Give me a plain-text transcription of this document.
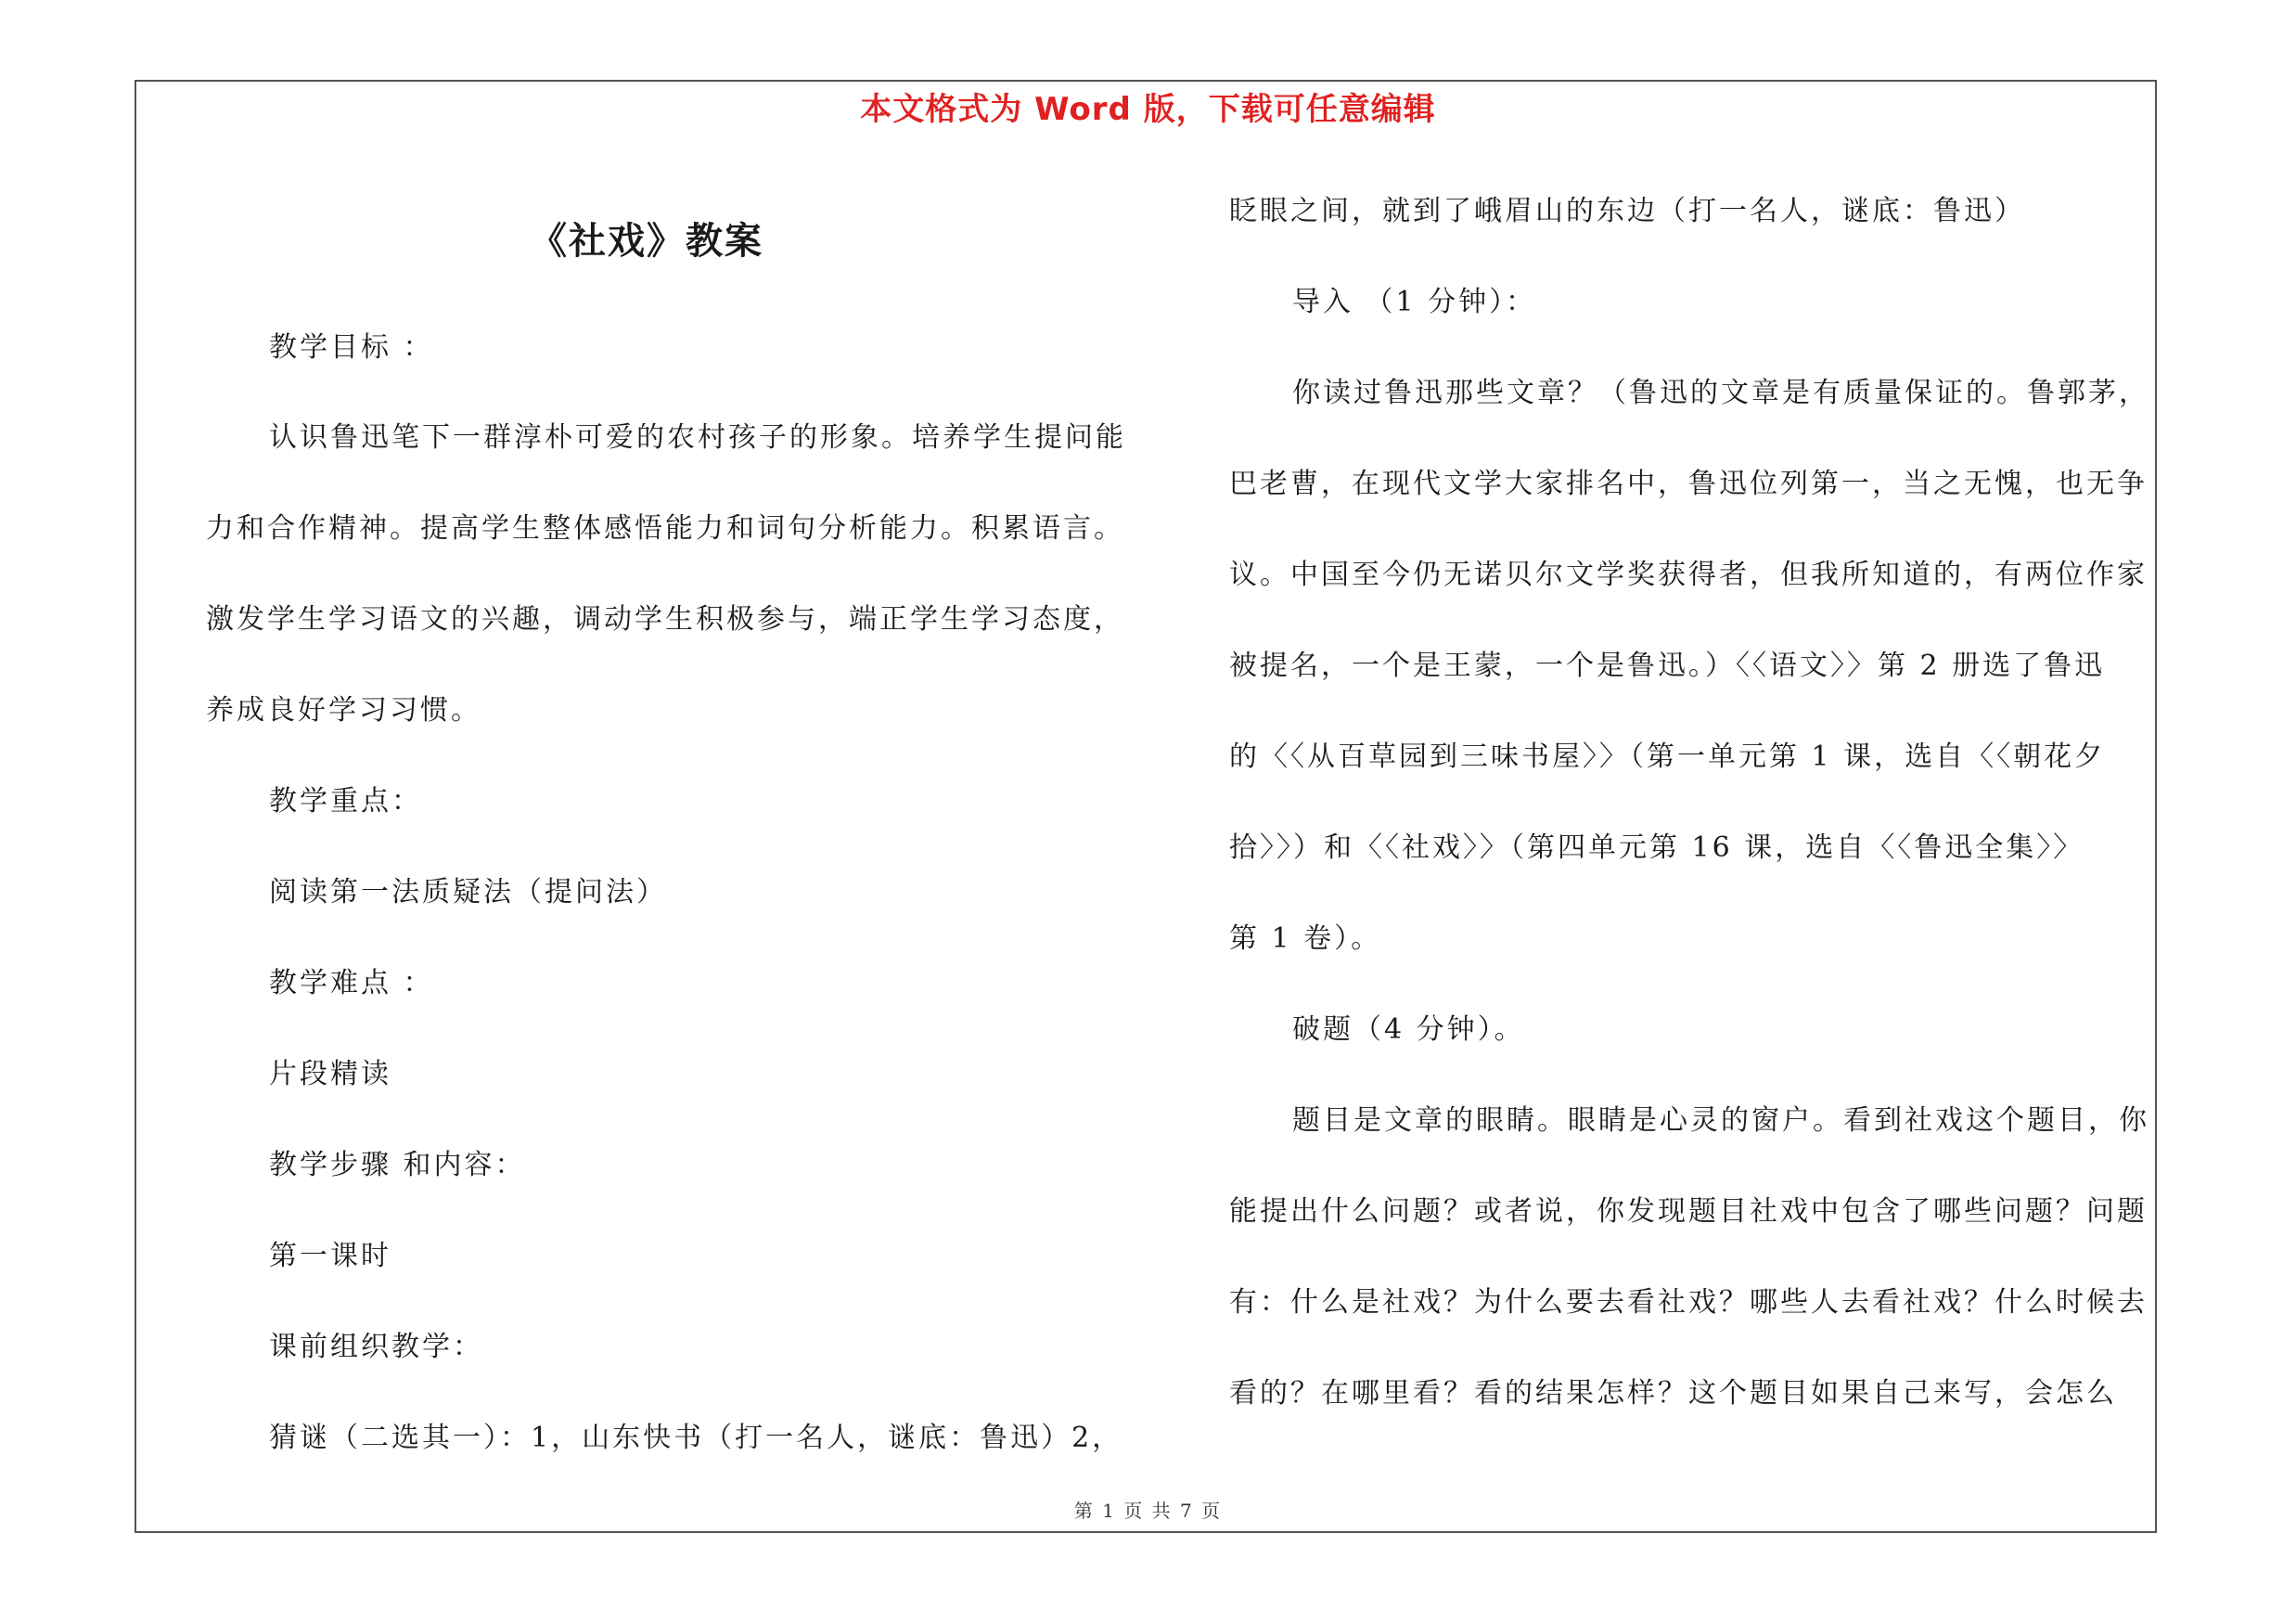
本文格式为 Word 版，下载可任意编辑
《社戏》教案
教学目标 ：
认识鲁迅笔下一群淳朴可爱的农村孩子的形象。培养学生提问能
力和合作精神。提高学生整体感悟能力和词句分析能力。积累语言。
激发学生学习语文的兴趣，调动学生积极参与，端正学生学习态度，
养成良好学习习惯。
教学重点：
阅读第一法质疑法（提问法）
教学难点 ：
片段精读
教学步骤 和内容：
第一课时
课前组织教学：
猜谜（二选其一）：1，山东快书（打一名人，谜底：鲁迅）2，
眨眼之间，就到了峨眉山的东边（打一名人，谜底：鲁迅）
导入 （1 分钟）：
你读过鲁迅那些文章？（鲁迅的文章是有质量保证的。鲁郭茅，
巴老曹，在现代文学大家排名中，鲁迅位列第一，当之无愧，也无争
议。中国至今仍无诺贝尔文学奖获得者，但我所知道的，有两位作家
被提名，一个是王蒙，一个是鲁迅。）〈〈语文〉〉第 2 册选了鲁迅
的〈〈从百草园到三味书屋〉〉（第一单元第 1 课，选自〈〈朝花夕
拾〉〉）和〈〈社戏〉〉（第四单元第 16 课，选自〈〈鲁迅全集〉〉
第 1 卷）。
破题（4 分钟）。
题目是文章的眼睛。眼睛是心灵的窗户。看到社戏这个题目，你
能提出什么问题？或者说，你发现题目社戏中包含了哪些问题？问题
有：什么是社戏？为什么要去看社戏？哪些人去看社戏？什么时候去
看的？在哪里看？看的结果怎样？这个题目如果自己来写，会怎么
第 1 页 共 7 页
